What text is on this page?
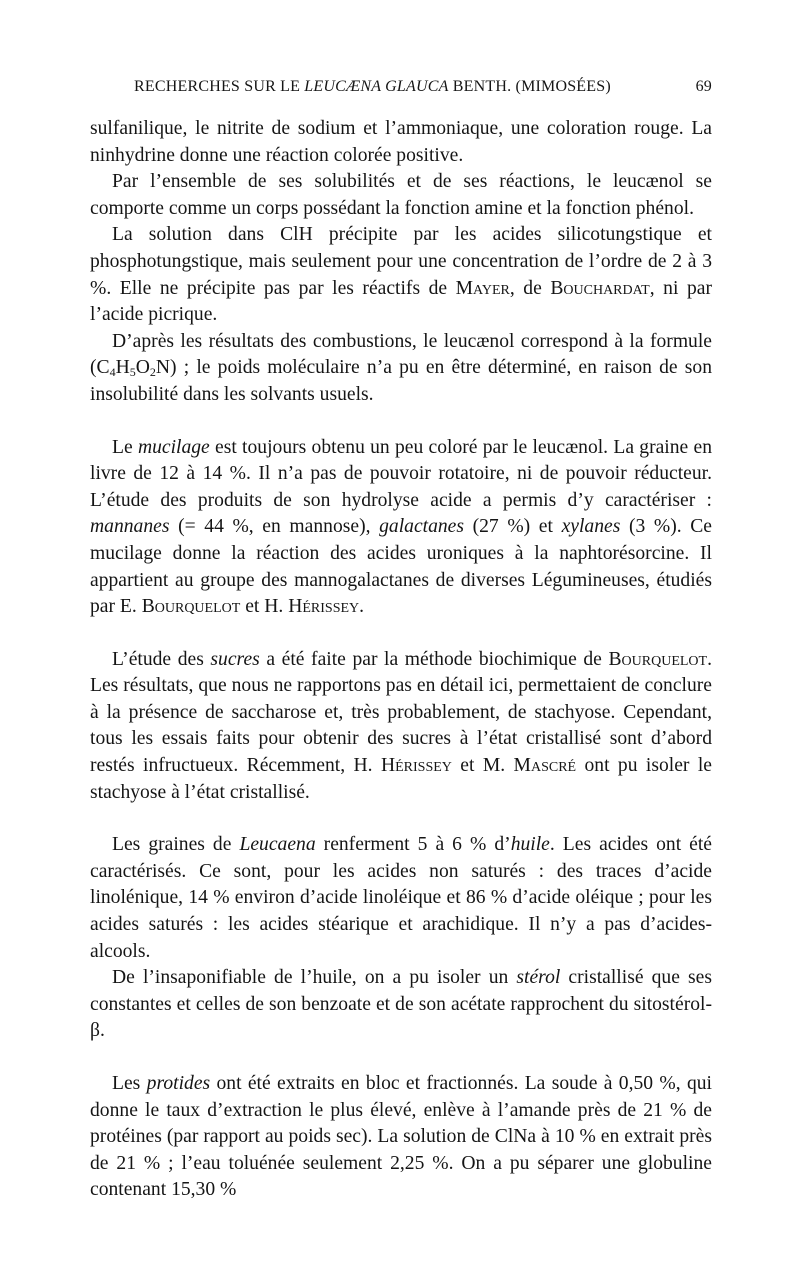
RECHERCHES SUR LE LEUCÆNA GLAUCA BENTH. (MIMOSÉES)	69

sulfanilique, le nitrite de sodium et l’ammoniaque, une coloration rouge. La ninhydrine donne une réaction colorée positive.

Par l’ensemble de ses solubilités et de ses réactions, le leucænol se comporte comme un corps possédant la fonction amine et la fonction phénol.

La solution dans ClH précipite par les acides silicotungstique et phosphotungstique, mais seulement pour une concentration de l’ordre de 2 à 3 %. Elle ne précipite pas par les réactifs de Mayer, de Bouchardat, ni par l’acide picrique.

D’après les résultats des combustions, le leucænol correspond à la formule $(C_4H_5O_2N)$ ; le poids moléculaire n’a pu en être déterminé, en raison de son insolubilité dans les solvants usuels.

Le mucilage est toujours obtenu un peu coloré par le leucænol. La graine en livre de 12 à 14 %. Il n’a pas de pouvoir rotatoire, ni de pouvoir réducteur. L’étude des produits de son hydrolyse acide a permis d’y caractériser : mannanes (= 44 %, en mannose), galactanes (27 %) et xylanes (3 %). Ce mucilage donne la réaction des acides uroniques à la naphtorésorcine. Il appartient au groupe des mannogalactanes de diverses Légumineuses, étudiés par E. Bourquelot et H. Hérissey.

L’étude des sucres a été faite par la méthode biochimique de Bourquelot. Les résultats, que nous ne rapportons pas en détail ici, permettaient de conclure à la présence de saccharose et, très probablement, de stachyose. Cependant, tous les essais faits pour obtenir des sucres à l’état cristallisé sont d’abord restés infructueux. Récemment, H. Hérissey et M. Mascré ont pu isoler le stachyose à l’état cristallisé.

Les graines de Leucaena renferment 5 à 6 % d’huile. Les acides ont été caractérisés. Ce sont, pour les acides non saturés : des traces d’acide linolénique, 14 % environ d’acide linoléique et 86 % d’acide oléique ; pour les acides saturés : les acides stéarique et arachidique. Il n’y a pas d’acides-alcools.

De l’insaponifiable de l’huile, on a pu isoler un stérol cristallisé que ses constantes et celles de son benzoate et de son acétate rapprochent du sitostérol-β.

Les protides ont été extraits en bloc et fractionnés. La soude à 0,50 %, qui donne le taux d’extraction le plus élevé, enlève à l’amande près de 21 % de protéines (par rapport au poids sec). La solution de ClNa à 10 % en extrait près de 21 % ; l’eau toluénée seulement 2,25 %. On a pu séparer une globuline contenant 15,30 %
